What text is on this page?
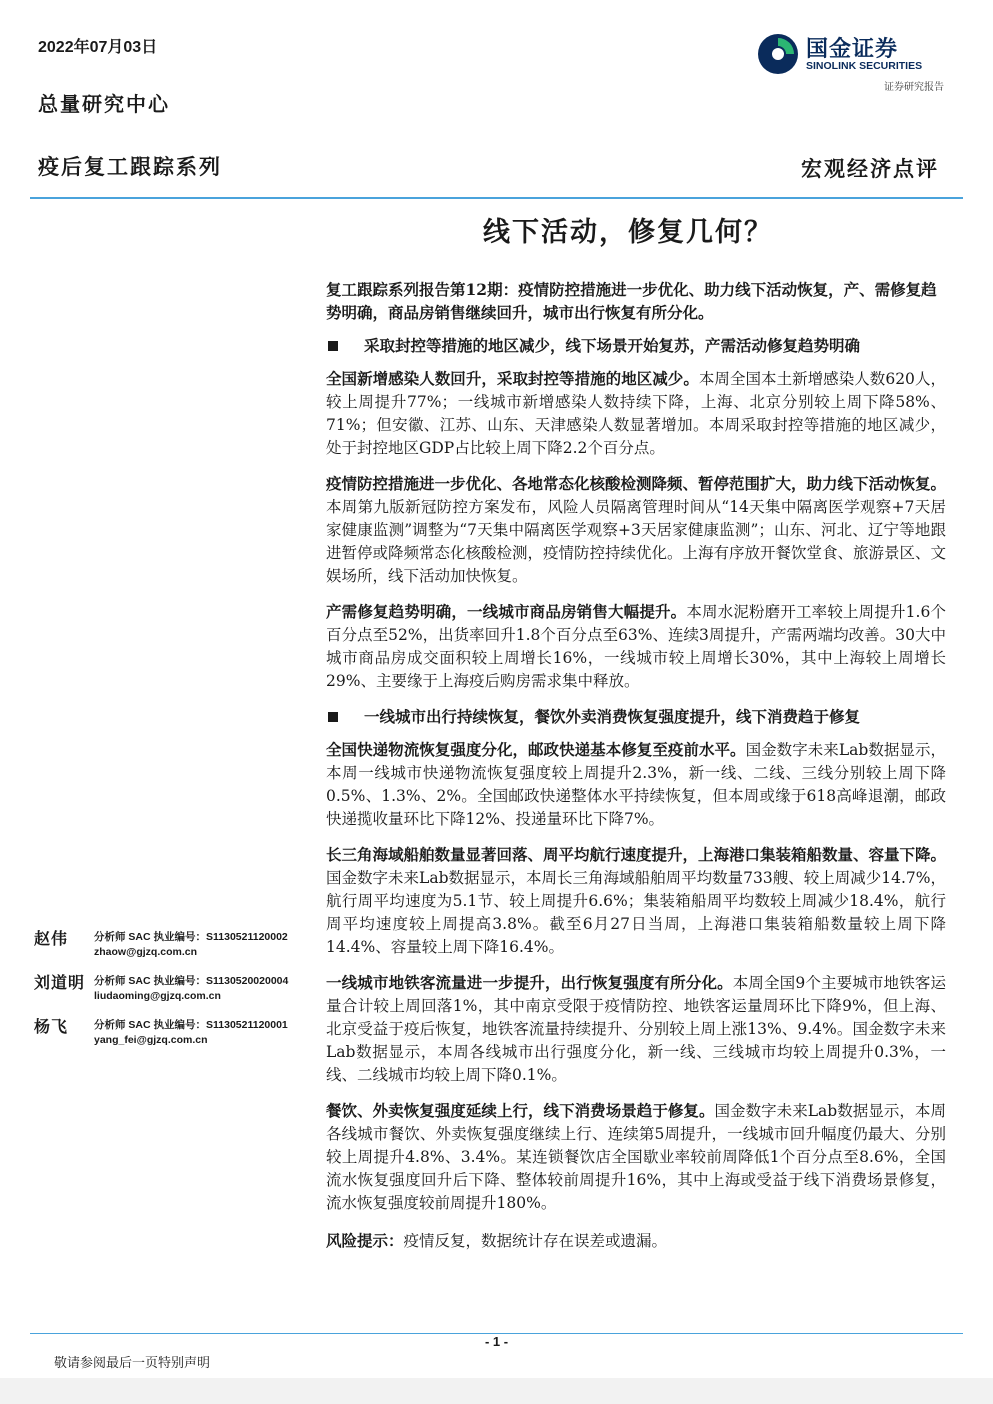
2022年07月03日
总量研究中心
疫后复工跟踪系列	宏观经济点评
国金证券
SINOLINK SECURITIES
证券研究报告
线下活动，修复几何？
复工跟踪系列报告第12期：疫情防控措施进一步优化、助力线下活动恢复，产、需修复趋势明确，商品房销售继续回升，城市出行恢复有所分化。
采取封控等措施的地区减少，线下场景开始复苏，产需活动修复趋势明确
全国新增感染人数回升，采取封控等措施的地区减少。本周全国本土新增感染人数620人，较上周提升77%；一线城市新增感染人数持续下降，上海、北京分别较上周下降58%、71%；但安徽、江苏、山东、天津感染人数显著增加。本周采取封控等措施的地区减少，处于封控地区GDP占比较上周下降2.2个百分点。
疫情防控措施进一步优化、各地常态化核酸检测降频、暂停范围扩大，助力线下活动恢复。本周第九版新冠防控方案发布，风险人员隔离管理时间从“14天集中隔离医学观察+7天居家健康监测”调整为“7天集中隔离医学观察+3天居家健康监测”；山东、河北、辽宁等地跟进暂停或降频常态化核酸检测，疫情防控持续优化。上海有序放开餐饮堂食、旅游景区、文娱场所，线下活动加快恢复。
产需修复趋势明确，一线城市商品房销售大幅提升。本周水泥粉磨开工率较上周提升1.6个百分点至52%，出货率回升1.8个百分点至63%、连续3周提升，产需两端均改善。30大中城市商品房成交面积较上周增长16%，一线城市较上周增长30%，其中上海较上周增长29%、主要缘于上海疫后购房需求集中释放。
一线城市出行持续恢复，餐饮外卖消费恢复强度提升，线下消费趋于修复
全国快递物流恢复强度分化，邮政快递基本修复至疫前水平。国金数字未来Lab数据显示，本周一线城市快递物流恢复强度较上周提升2.3%，新一线、二线、三线分别较上周下降0.5%、1.3%、2%。全国邮政快递整体水平持续恢复，但本周或缘于618高峰退潮，邮政快递揽收量环比下降12%、投递量环比下降7%。
长三角海域船舶数量显著回落、周平均航行速度提升，上海港口集装箱船数量、容量下降。国金数字未来Lab数据显示，本周长三角海域船舶周平均数量733艘、较上周减少14.7%，航行周平均速度为5.1节、较上周提升6.6%；集装箱船周平均数较上周减少18.4%，航行周平均速度较上周提高3.8%。截至6月27日当周，上海港口集装箱船数量较上周下降14.4%、容量较上周下降16.4%。
一线城市地铁客流量进一步提升，出行恢复强度有所分化。本周全国9个主要城市地铁客运量合计较上周回落1%，其中南京受限于疫情防控、地铁客运量周环比下降9%，但上海、北京受益于疫后恢复，地铁客流量持续提升、分别较上周上涨13%、9.4%。国金数字未来Lab数据显示，本周各线城市出行强度分化，新一线、三线城市均较上周提升0.3%，一线、二线城市均较上周下降0.1%。
餐饮、外卖恢复强度延续上行，线下消费场景趋于修复。国金数字未来Lab数据显示，本周各线城市餐饮、外卖恢复强度继续上行、连续第5周提升，一线城市回升幅度仍最大、分别较上周提升4.8%、3.4%。某连锁餐饮店全国歇业率较前周降低1个百分点至8.6%，全国流水恢复强度回升后下降、整体较前周提升16%，其中上海或受益于线下消费场景修复，流水恢复强度较前周提升180%。
风险提示：疫情反复，数据统计存在误差或遗漏。
赵伟	分析师 SAC 执业编号：S1130521120002
zhaow@gjzq.com.cn
刘道明 分析师 SAC 执业编号：S1130520020004
liudaoming@gjzq.com.cn
杨飞	分析师 SAC 执业编号：S1130521120001
yang_fei@gjzq.com.cn
- 1 -
敬请参阅最后一页特别声明
